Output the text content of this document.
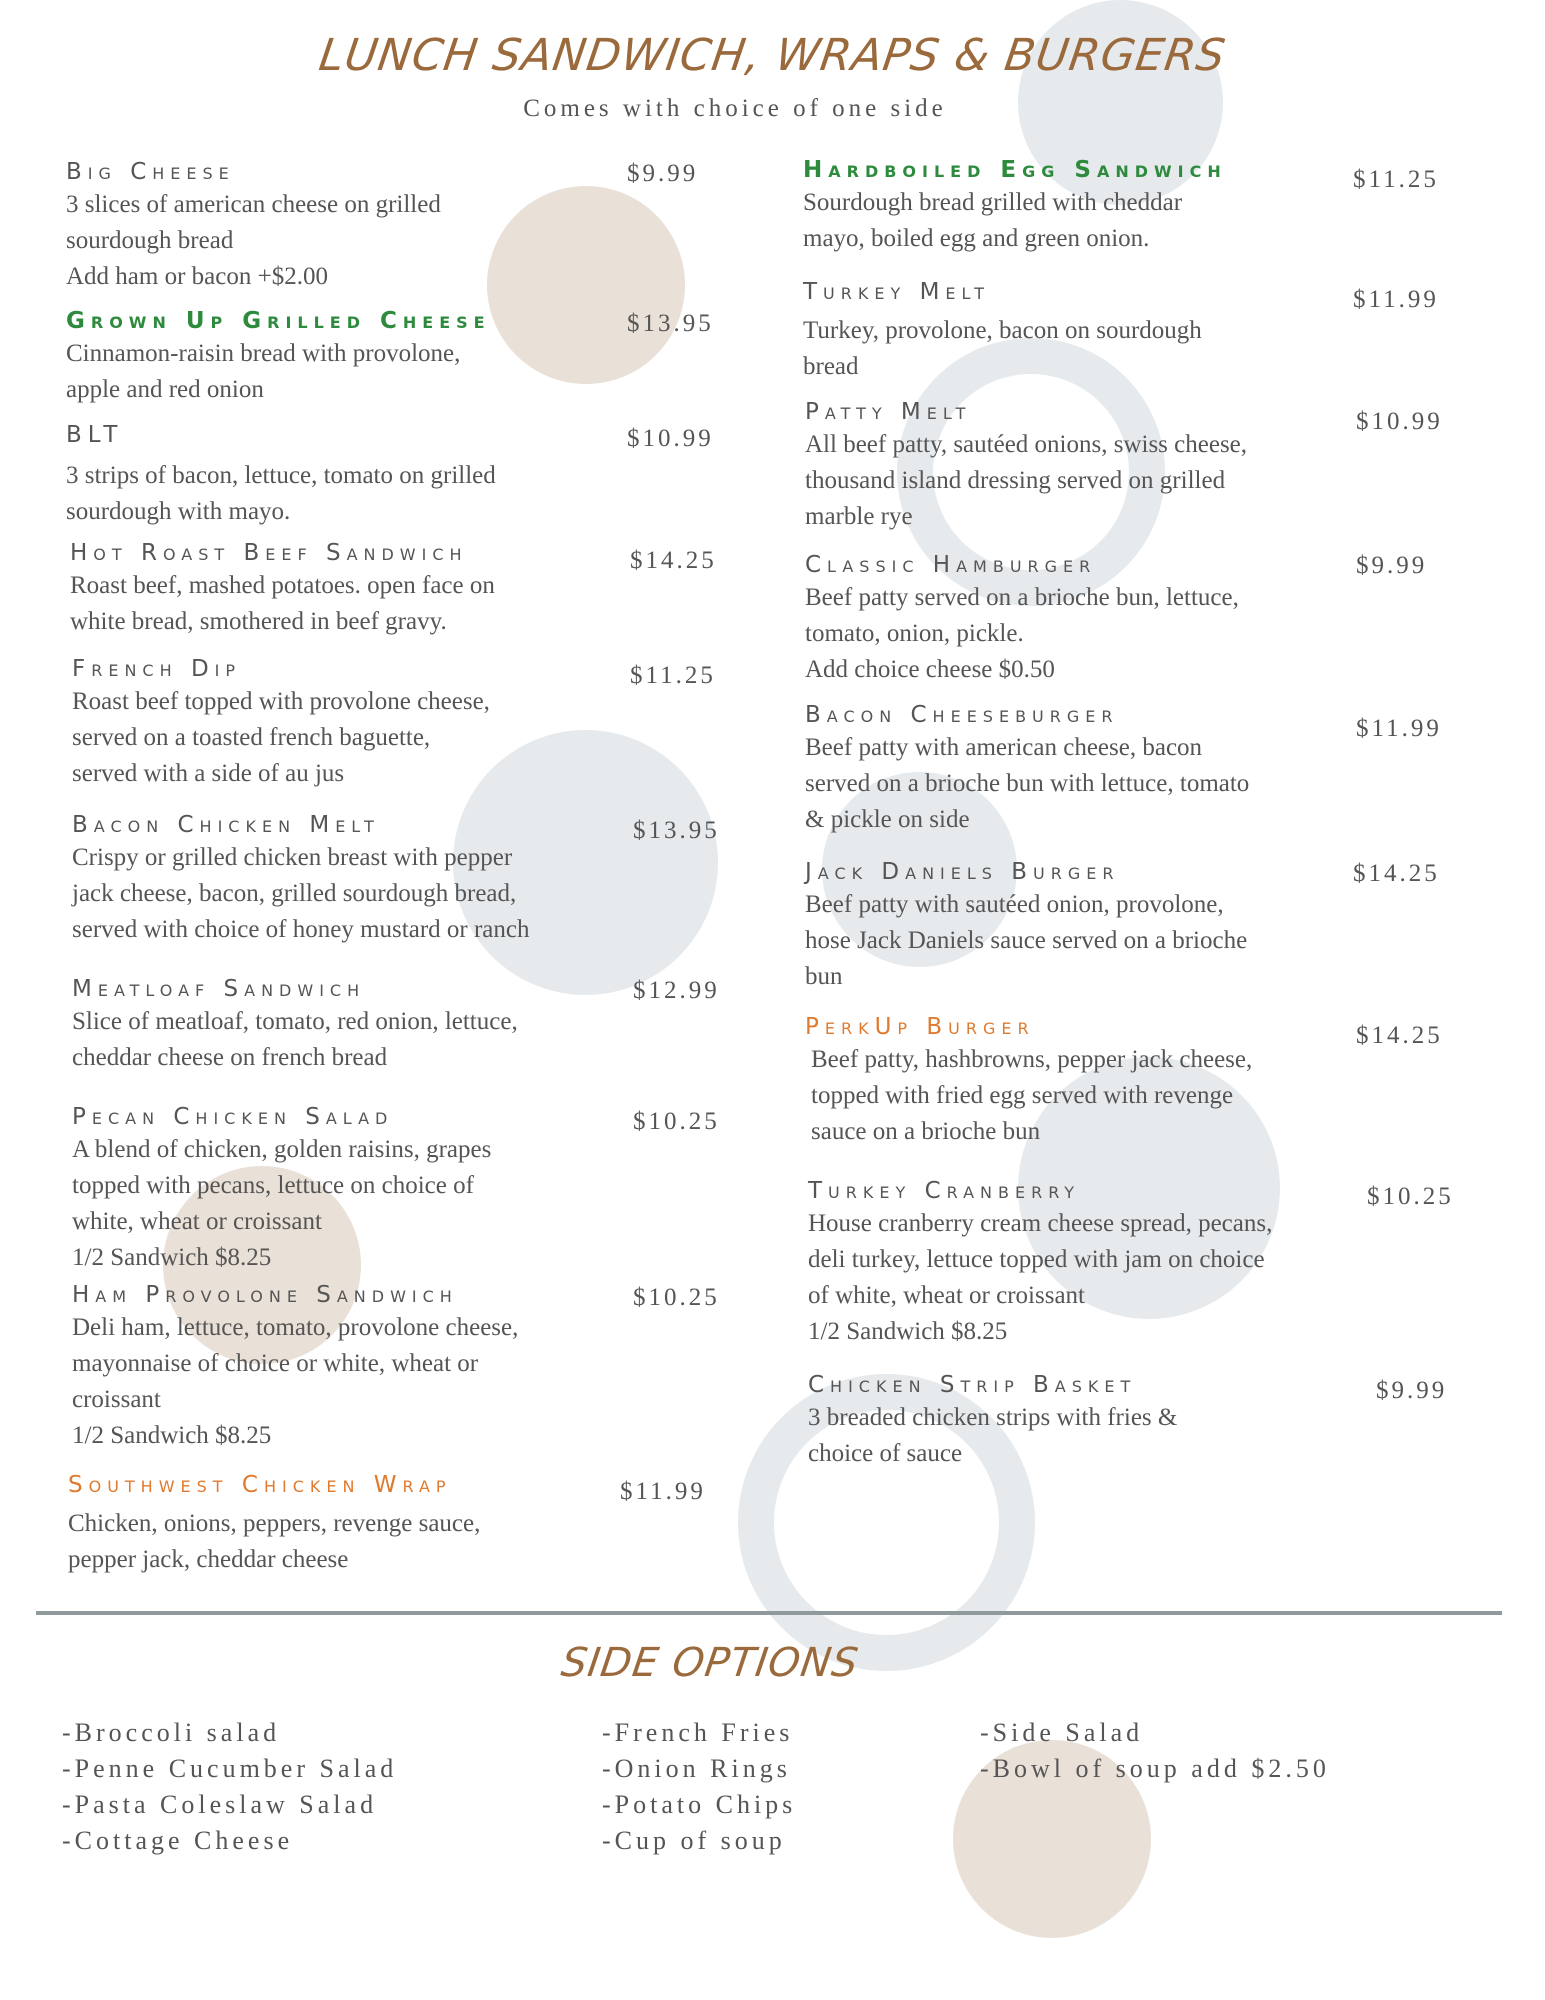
LUNCH SANDWICH, WRAPS & BURGERS
Comes with choice of one side
Big Cheese
3 slices of american cheese on grilled
sourdough bread
Add ham or bacon +$2.00
$9.99
Grown Up Grilled Cheese
Cinnamon-raisin bread with provolone,
apple and red onion
$13.95
BLT
3 strips of bacon, lettuce, tomato on grilled
sourdough with mayo.
$10.99
Hot Roast Beef Sandwich
Roast beef, mashed potatoes. open face on
white bread, smothered in beef gravy.
$14.25
French Dip
Roast beef topped with provolone cheese,
served on a toasted french baguette,
served with a side of au jus
$11.25
Bacon Chicken Melt
Crispy or grilled chicken breast with pepper
jack cheese, bacon, grilled sourdough bread,
served with choice of honey mustard or ranch
$13.95
Meatloaf Sandwich
Slice of meatloaf, tomato, red onion, lettuce,
cheddar cheese on french bread
$12.99
Pecan Chicken Salad
A blend of chicken, golden raisins, grapes
topped with pecans, lettuce on choice of
white, wheat or croissant
1/2 Sandwich $8.25
$10.25
Ham Provolone Sandwich
Deli ham, lettuce, tomato, provolone cheese,
mayonnaise of choice or white, wheat or
croissant
1/2 Sandwich $8.25
$10.25
Southwest Chicken Wrap
Chicken, onions, peppers, revenge sauce,
pepper jack, cheddar cheese
$11.99
Hardboiled Egg Sandwich
Sourdough bread grilled with cheddar
mayo, boiled egg and green onion.
$11.25
Turkey Melt
Turkey, provolone, bacon on sourdough
bread
$11.99
Patty Melt
All beef patty, sautéed onions, swiss cheese,
thousand island dressing served on grilled
marble rye
$10.99
Classic Hamburger
Beef patty served on a brioche bun, lettuce,
tomato, onion, pickle.
Add choice cheese $0.50
$9.99
Bacon Cheeseburger
Beef patty with american cheese, bacon
served on a brioche bun with lettuce, tomato
& pickle on side
$11.99
Jack Daniels Burger
Beef patty with sautéed onion, provolone,
hose Jack Daniels sauce served on a brioche
bun
$14.25
PerkUp Burger
Beef patty, hashbrowns, pepper jack cheese,
topped with fried egg served with revenge
sauce on a brioche bun
$14.25
Turkey Cranberry
House cranberry cream cheese spread, pecans,
deli turkey, lettuce topped with jam on choice
of white, wheat or croissant
1/2 Sandwich $8.25
$10.25
Chicken Strip Basket
3 breaded chicken strips with fries &
choice of sauce
$9.99
SIDE OPTIONS
-Broccoli salad
-Penne Cucumber Salad
-Pasta Coleslaw Salad
-Cottage Cheese
-French Fries
-Onion Rings
-Potato Chips
-Cup of soup
-Side Salad
-Bowl of soup add $2.50
